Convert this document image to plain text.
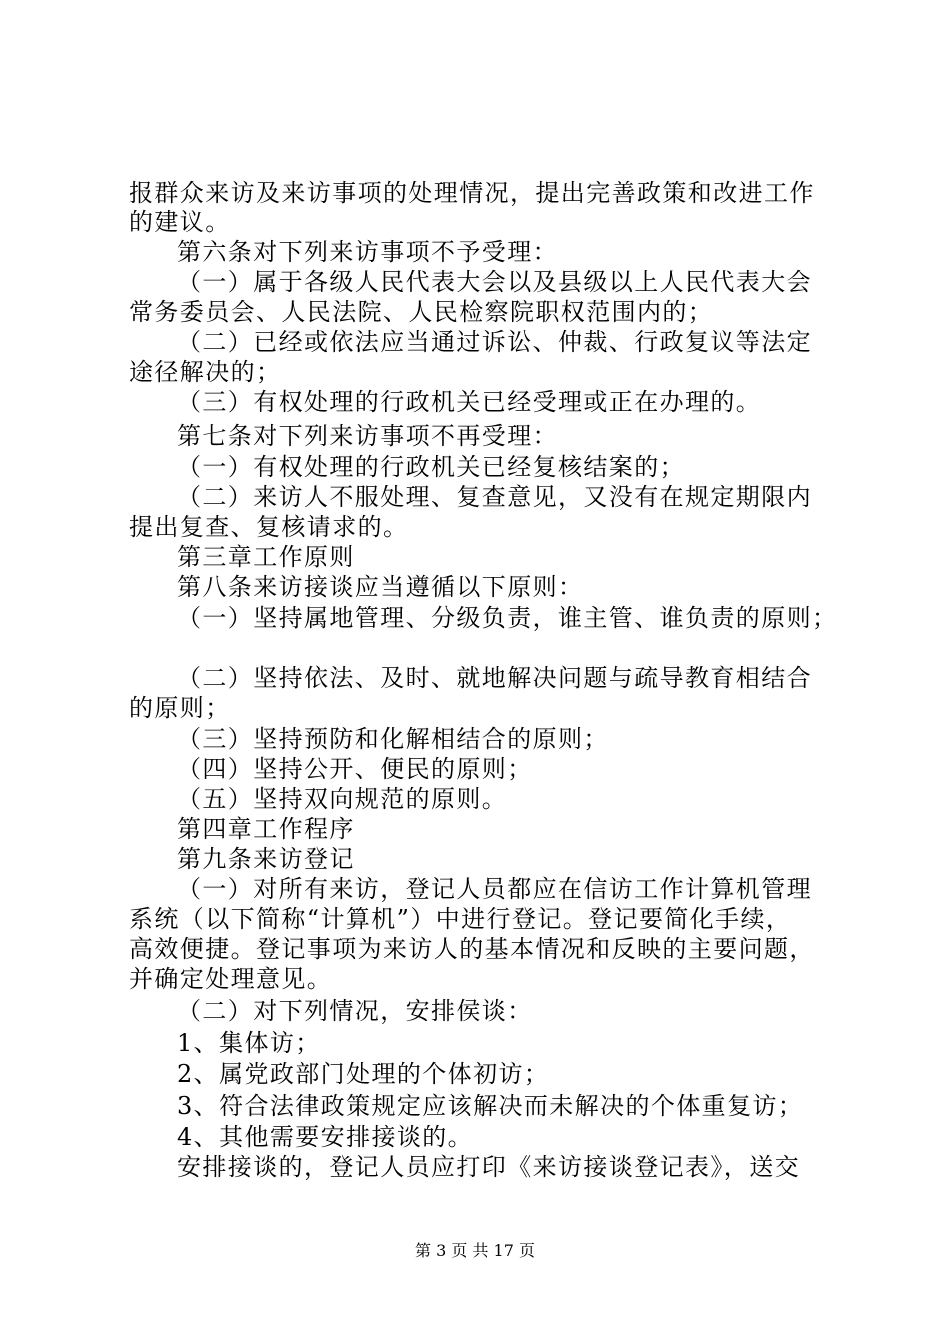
报群众来访及来访事项的处理情况，提出完善政策和改进工作
的建议。
第六条对下列来访事项不予受理：
（一）属于各级人民代表大会以及县级以上人民代表大会
常务委员会、人民法院、人民检察院职权范围内的；
（二）已经或依法应当通过诉讼、仲裁、行政复议等法定
途径解决的；
（三）有权处理的行政机关已经受理或正在办理的。
第七条对下列来访事项不再受理：
（一）有权处理的行政机关已经复核结案的；
（二）来访人不服处理、复查意见，又没有在规定期限内
提出复查、复核请求的。
第三章工作原则
第八条来访接谈应当遵循以下原则：
（一）坚持属地管理、分级负责，谁主管、谁负责的原则；
（二）坚持依法、及时、就地解决问题与疏导教育相结合
的原则；
（三）坚持预防和化解相结合的原则；
（四）坚持公开、便民的原则；
（五）坚持双向规范的原则。
第四章工作程序
第九条来访登记
（一）对所有来访，登记人员都应在信访工作计算机管理
系统（以下简称“计算机”）中进行登记。登记要简化手续，
高效便捷。登记事项为来访人的基本情况和反映的主要问题，
并确定处理意见。
（二）对下列情况，安排侯谈：
1、集体访；
2、属党政部门处理的个体初访；
3、符合法律政策规定应该解决而未解决的个体重复访；
4、其他需要安排接谈的。
安排接谈的，登记人员应打印《来访接谈登记表》，送交
第 3 页 共 17 页
